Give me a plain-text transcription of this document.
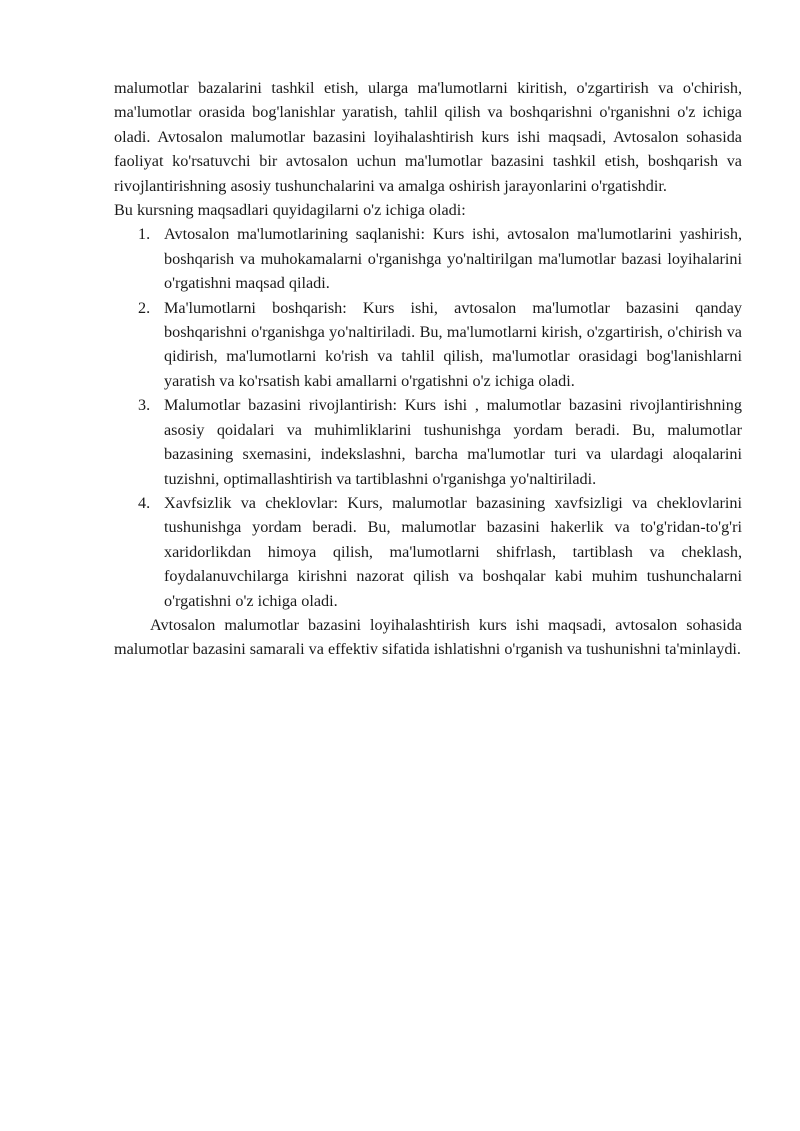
malumotlar bazalarini tashkil etish, ularga ma'lumotlarni kiritish, o'zgartirish va o'chirish, ma'lumotlar orasida bog'lanishlar yaratish, tahlil qilish va boshqarishni o'rganishni o'z ichiga oladi. Avtosalon malumotlar bazasini loyihalashtirish kurs ishi maqsadi, Avtosalon sohasida faoliyat ko'rsatuvchi bir avtosalon uchun ma'lumotlar bazasini tashkil etish, boshqarish va rivojlantirishning asosiy tushunchalarini va amalga oshirish jarayonlarini o'rgatishdir.

Bu kursning maqsadlari quyidagilarni o'z ichiga oladi:

1. Avtosalon ma'lumotlarining saqlanishi: Kurs ishi, avtosalon ma'lumotlarini yashirish, boshqarish va muhokamalarni o'rganishga yo'naltirilgan ma'lumotlar bazasi loyihalarini o'rgatishni maqsad qiladi.
2. Ma'lumotlarni boshqarish: Kurs ishi, avtosalon ma'lumotlar bazasini qanday boshqarishni o'rganishga yo'naltiriladi. Bu, ma'lumotlarni kirish, o'zgartirish, o'chirish va qidirish, ma'lumotlarni ko'rish va tahlil qilish, ma'lumotlar orasidagi bog'lanishlarni yaratish va ko'rsatish kabi amallarni o'rgatishni o'z ichiga oladi.
3. Malumotlar bazasini rivojlantirish: Kurs ishi , malumotlar bazasini rivojlantirishning asosiy qoidalari va muhimliklarini tushunishga yordam beradi. Bu, malumotlar bazasining sxemasini, indekslashni, barcha ma'lumotlar turi va ulardagi aloqalarini tuzishni, optimallashtirish va tartiblashni o'rganishga yo'naltiriladi.
4. Xavfsizlik va cheklovlar: Kurs, malumotlar bazasining xavfsizligi va cheklovlarini tushunishga yordam beradi. Bu, malumotlar bazasini hakerlik va to'g'ridan-to'g'ri xaridorlikdan himoya qilish, ma'lumotlarni shifrlash, tartiblash va cheklash, foydalanuvchilarga kirishni nazorat qilish va boshqalar kabi muhim tushunchalarni o'rgatishni o'z ichiga oladi.

Avtosalon malumotlar bazasini loyihalashtirish kurs ishi maqsadi, avtosalon sohasida malumotlar bazasini samarali va effektiv sifatida ishlatishni o'rganish va tushunishni ta'minlaydi.
